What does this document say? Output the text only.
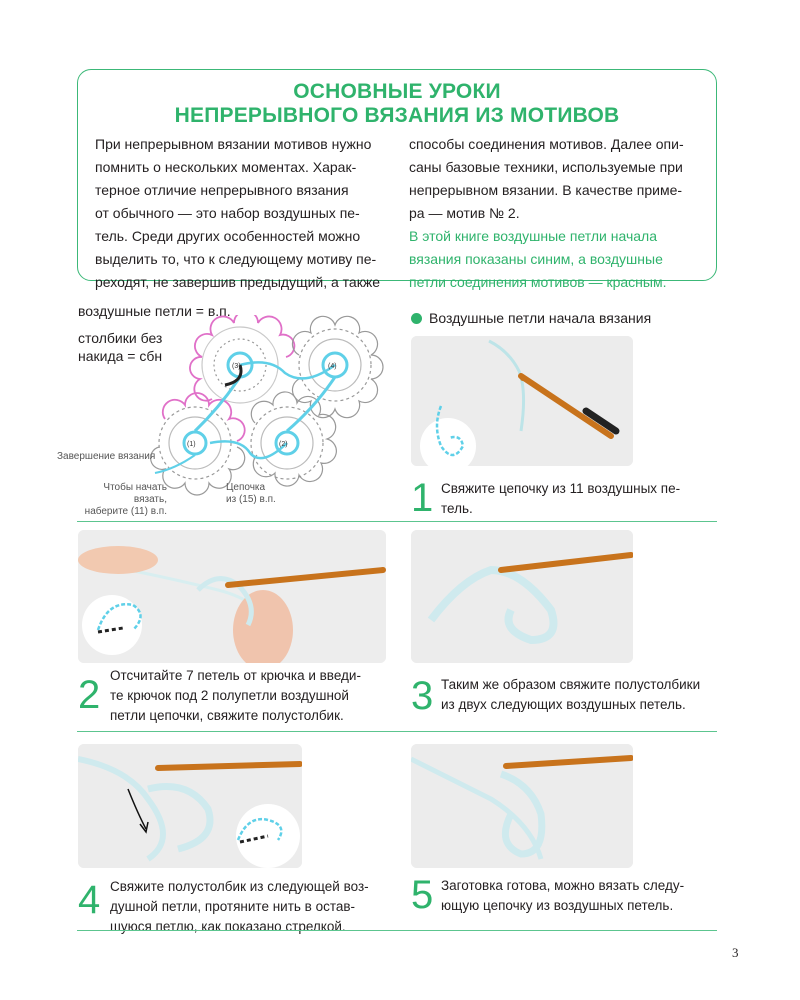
ОСНОВНЫЕ УРОКИ
НЕПРЕРЫВНОГО ВЯЗАНИЯ ИЗ МОТИВОВ
При непрерывном вязании мотивов нужно
помнить о нескольких моментах. Харак-
терное отличие непрерывного вязания
от обычного — это набор воздушных пе-
тель. Среди других особенностей можно
выделить то, что к следующему мотиву пе-
реходят, не завершив предыдущий, а также
способы соединения мотивов. Далее опи-
саны базовые техники, используемые при
непрерывном вязании. В качестве приме-
ра — мотив № 2.
В этой книге воздушные петли начала
вязания показаны синим, а воздушные
петли соединения мотивов — красным.
воздушные петли = в.п.
столбики без
накида = сбн
(3)	(4)
(1)	(2)
Завершение вязания
Чтобы начать вязать,
наберите (11) в.п.
Цепочка
из (15) в.п.
Воздушные петли начала вязания
1 Свяжите цепочку из 11 воздушных пе-
тель.
2 Отсчитайте 7 петель от крючка и введи-
те крючок под 2 полупетли воздушной
петли цепочки, свяжите полустолбик.	3 Таким же образом свяжите полустолбики
из двух следующих воздушных петель.
4 Свяжите полустолбик из следующей воз-
душной петли, протяните нить в остав-
шуюся петлю, как показано стрелкой.
5 Заготовка готова, можно вязать следу-
ющую цепочку из воздушных петель.
3
